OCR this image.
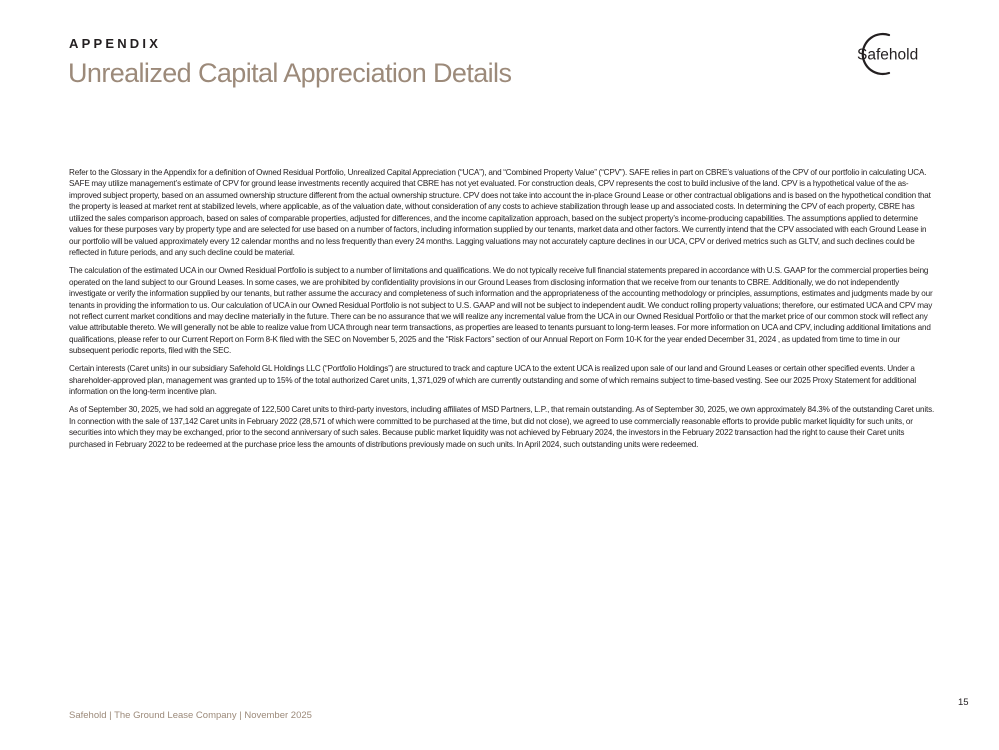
APPENDIX
Unrealized Capital Appreciation Details
Safehold

Refer to the Glossary in the Appendix for a definition of Owned Residual Portfolio, Unrealized Capital Appreciation (“UCA”), and “Combined Property Value” (“CPV”). SAFE relies in part on CBRE’s valuations of the CPV of our portfolio in calculating UCA. SAFE may utilize management’s estimate of CPV for ground lease investments recently acquired that CBRE has not yet evaluated. For construction deals, CPV represents the cost to build inclusive of the land. CPV is a hypothetical value of the as-improved subject property, based on an assumed ownership structure different from the actual ownership structure. CPV does not take into account the in-place Ground Lease or other contractual obligations and is based on the hypothetical condition that the property is leased at market rent at stabilized levels, where applicable, as of the valuation date, without consideration of any costs to achieve stabilization through lease up and associated costs. In determining the CPV of each property, CBRE has utilized the sales comparison approach, based on sales of comparable properties, adjusted for differences, and the income capitalization approach, based on the subject property’s income-producing capabilities. The assumptions applied to determine values for these purposes vary by property type and are selected for use based on a number of factors, including information supplied by our tenants, market data and other factors. We currently intend that the CPV associated with each Ground Lease in our portfolio will be valued approximately every 12 calendar months and no less frequently than every 24 months. Lagging valuations may not accurately capture declines in our UCA, CPV or derived metrics such as GLTV, and such declines could be reflected in future periods, and any such decline could be material.

The calculation of the estimated UCA in our Owned Residual Portfolio is subject to a number of limitations and qualifications. We do not typically receive full financial statements prepared in accordance with U.S. GAAP for the commercial properties being operated on the land subject to our Ground Leases. In some cases, we are prohibited by confidentiality provisions in our Ground Leases from disclosing information that we receive from our tenants to CBRE. Additionally, we do not independently investigate or verify the information supplied by our tenants, but rather assume the accuracy and completeness of such information and the appropriateness of the accounting methodology or principles, assumptions, estimates and judgments made by our tenants in providing the information to us. Our calculation of UCA in our Owned Residual Portfolio is not subject to U.S. GAAP and will not be subject to independent audit. We conduct rolling property valuations; therefore, our estimated UCA and CPV may not reflect current market conditions and may decline materially in the future. There can be no assurance that we will realize any incremental value from the UCA in our Owned Residual Portfolio or that the market price of our common stock will reflect any value attributable thereto. We will generally not be able to realize value from UCA through near term transactions, as properties are leased to tenants pursuant to long-term leases. For more information on UCA and CPV, including additional limitations and qualifications, please refer to our Current Report on Form 8-K filed with the SEC on November 5, 2025 and the “Risk Factors” section of our Annual Report on Form 10-K for the year ended December 31, 2024 , as updated from time to time in our subsequent periodic reports, filed with the SEC.

Certain interests (Caret units) in our subsidiary Safehold GL Holdings LLC (“Portfolio Holdings”) are structured to track and capture UCA to the extent UCA is realized upon sale of our land and Ground Leases or certain other specified events. Under a shareholder-approved plan, management was granted up to 15% of the total authorized Caret units, 1,371,029 of which are currently outstanding and some of which remains subject to time-based vesting. See our 2025 Proxy Statement for additional information on the long-term incentive plan.

As of September 30, 2025, we had sold an aggregate of 122,500 Caret units to third-party investors, including affiliates of MSD Partners, L.P., that remain outstanding. As of September 30, 2025, we own approximately 84.3% of the outstanding Caret units. In connection with the sale of 137,142 Caret units in February 2022 (28,571 of which were committed to be purchased at the time, but did not close), we agreed to use commercially reasonable efforts to provide public market liquidity for such units, or securities into which they may be exchanged, prior to the second anniversary of such sales. Because public market liquidity was not achieved by February 2024, the investors in the February 2022 transaction had the right to cause their Caret units purchased in February 2022 to be redeemed at the purchase price less the amounts of distributions previously made on such units. In April 2024, such outstanding units were redeemed.

Safehold | The Ground Lease Company | November 2025
15
